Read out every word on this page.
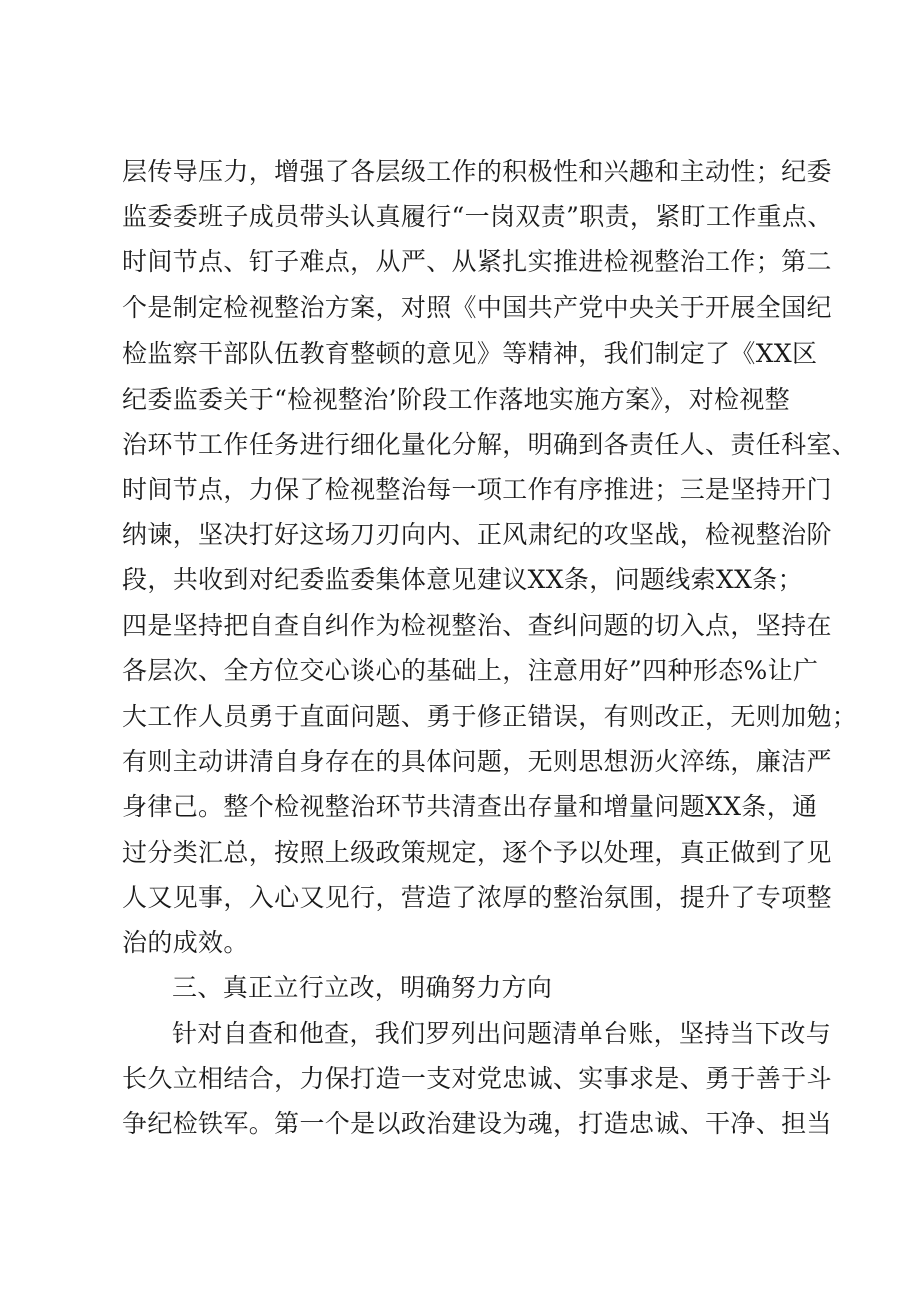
层传导压力，增强了各层级工作的积极性和兴趣和主动性；纪委
监委委班子成员带头认真履行“一岗双责”职责，紧盯工作重点、
时间节点、钉子难点，从严、从紧扎实推进检视整治工作；第二
个是制定检视整治方案，对照《中国共产党中央关于开展全国纪
检监察干部队伍教育整顿的意见》等精神，我们制定了《XX区
纪委监委关于“检视整治’阶段工作落地实施方案》，对检视整
治环节工作任务进行细化量化分解，明确到各责任人、责任科室、
时间节点，力保了检视整治每一项工作有序推进；三是坚持开门
纳谏，坚决打好这场刀刃向内、正风肃纪的攻坚战，检视整治阶
段，共收到对纪委监委集体意见建议XX条，问题线索XX条；
四是坚持把自查自纠作为检视整治、查纠问题的切入点，坚持在
各层次、全方位交心谈心的基础上，注意用好”四种形态%让广
大工作人员勇于直面问题、勇于修正错误，有则改正，无则加勉；
有则主动讲清自身存在的具体问题，无则思想沥火淬练，廉洁严
身律己。整个检视整治环节共清查出存量和增量问题XX条，通
过分类汇总，按照上级政策规定，逐个予以处理，真正做到了见
人又见事，入心又见行，营造了浓厚的整治氛围，提升了专项整
治的成效。
三、真正立行立改，明确努力方向
针对自查和他查，我们罗列出问题清单台账，坚持当下改与
长久立相结合，力保打造一支对党忠诚、实事求是、勇于善于斗
争纪检铁军。第一个是以政治建设为魂，打造忠诚、干净、担当
